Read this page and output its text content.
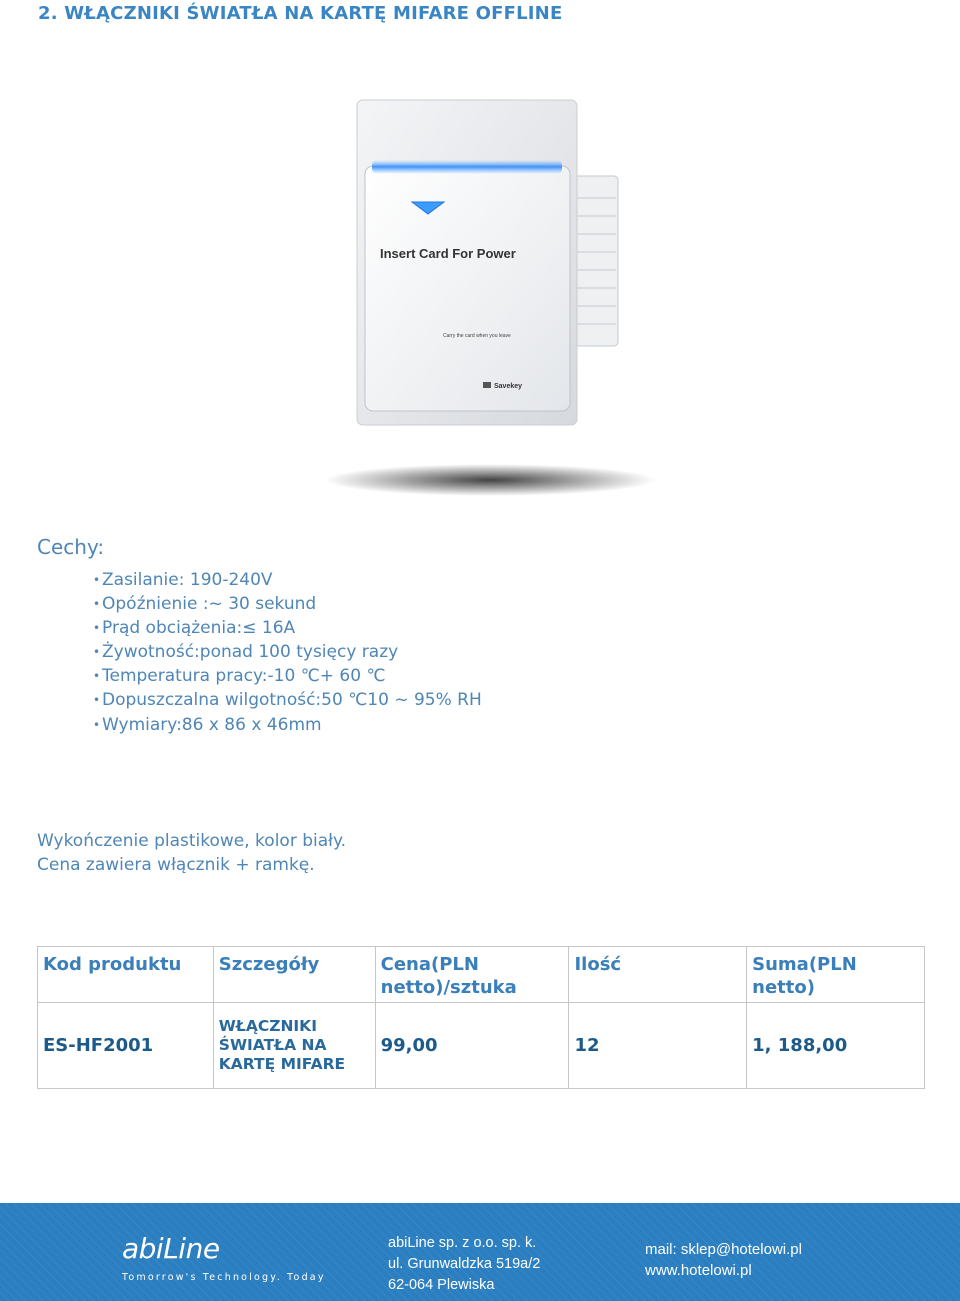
2. WŁĄCZNIKI ŚWIATŁA NA KARTĘ MIFARE OFFLINE
Insert Card For Power
Carry the card when you leave
Savekey
Cechy:
• Zasilanie: 190-240V
• Opóźnienie :~ 30 sekund
• Prąd obciążenia:≤ 16A
• Żywotność:ponad 100 tysięcy razy
• Temperatura pracy:-10 ℃+ 60 ℃
• Dopuszczalna wilgotność:50 ℃10 ~ 95% RH
• Wymiary:86 x 86 x 46mm
Wykończenie plastikowe, kolor biały.
Cena zawiera włącznik + ramkę.
Kod produktu	Szczegóły	Cena(PLN netto)/sztuka	Ilość	Suma(PLN netto)
ES-HF2001	WŁĄCZNIKI ŚWIATŁA NA KARTĘ MIFARE	99,00	12	1, 188,00
abiLine
Tomorrow's Technology. Today
abiLine sp. z o.o. sp. k.
ul. Grunwaldzka 519a/2
62-064 Plewiska
mail: sklep@hotelowi.pl
www.hotelowi.pl
